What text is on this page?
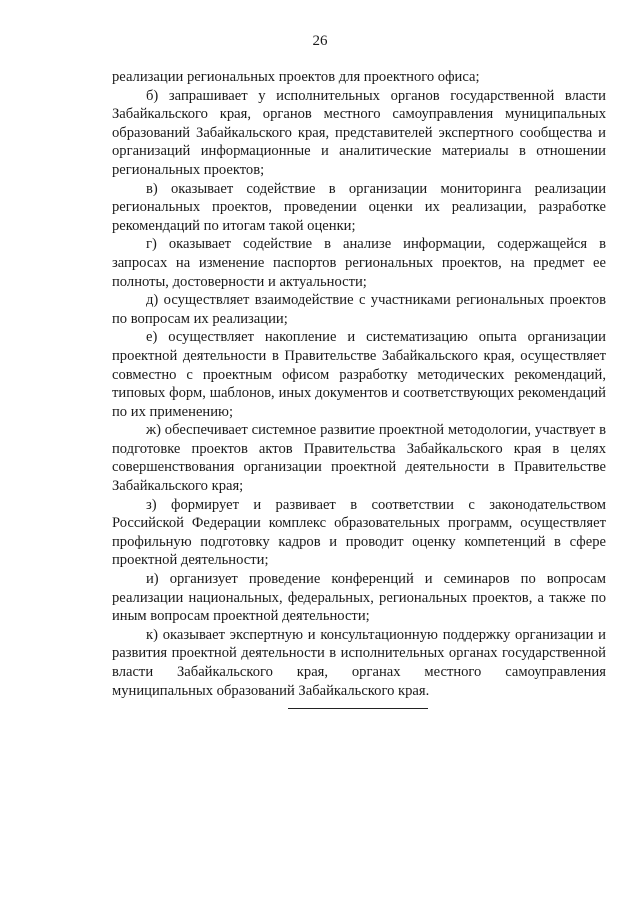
26

реализации региональных проектов для проектного офиса;

б) запрашивает у исполнительных органов государственной власти Забайкальского края, органов местного самоуправления муниципальных образований Забайкальского края, представителей экспертного сообщества и организаций информационные и аналитические материалы в отношении региональных проектов;

в) оказывает содействие в организации мониторинга реализации региональных проектов, проведении оценки их реализации, разработке рекомендаций по итогам такой оценки;

г) оказывает содействие в анализе информации, содержащейся в запросах на изменение паспортов региональных проектов, на предмет ее полноты, достоверности и актуальности;

д) осуществляет взаимодействие с участниками региональных проектов по вопросам их реализации;

е) осуществляет накопление и систематизацию опыта организации проектной деятельности в Правительстве Забайкальского края, осуществляет совместно с проектным офисом разработку методических рекомендаций, типовых форм, шаблонов, иных документов и соответствующих рекомендаций по их применению;

ж) обеспечивает системное развитие проектной методологии, участвует в подготовке проектов актов Правительства Забайкальского края в целях совершенствования организации проектной деятельности в Правительстве Забайкальского края;

з) формирует и развивает в соответствии с законодательством Российской Федерации комплекс образовательных программ, осуществляет профильную подготовку кадров и проводит оценку компетенций в сфере проектной деятельности;

и) организует проведение конференций и семинаров по вопросам реализации национальных, федеральных, региональных проектов, а также по иным вопросам проектной деятельности;

к) оказывает экспертную и консультационную поддержку организации и развития проектной деятельности в исполнительных органах государственной власти Забайкальского края, органах местного самоуправления муниципальных образований Забайкальского края.
